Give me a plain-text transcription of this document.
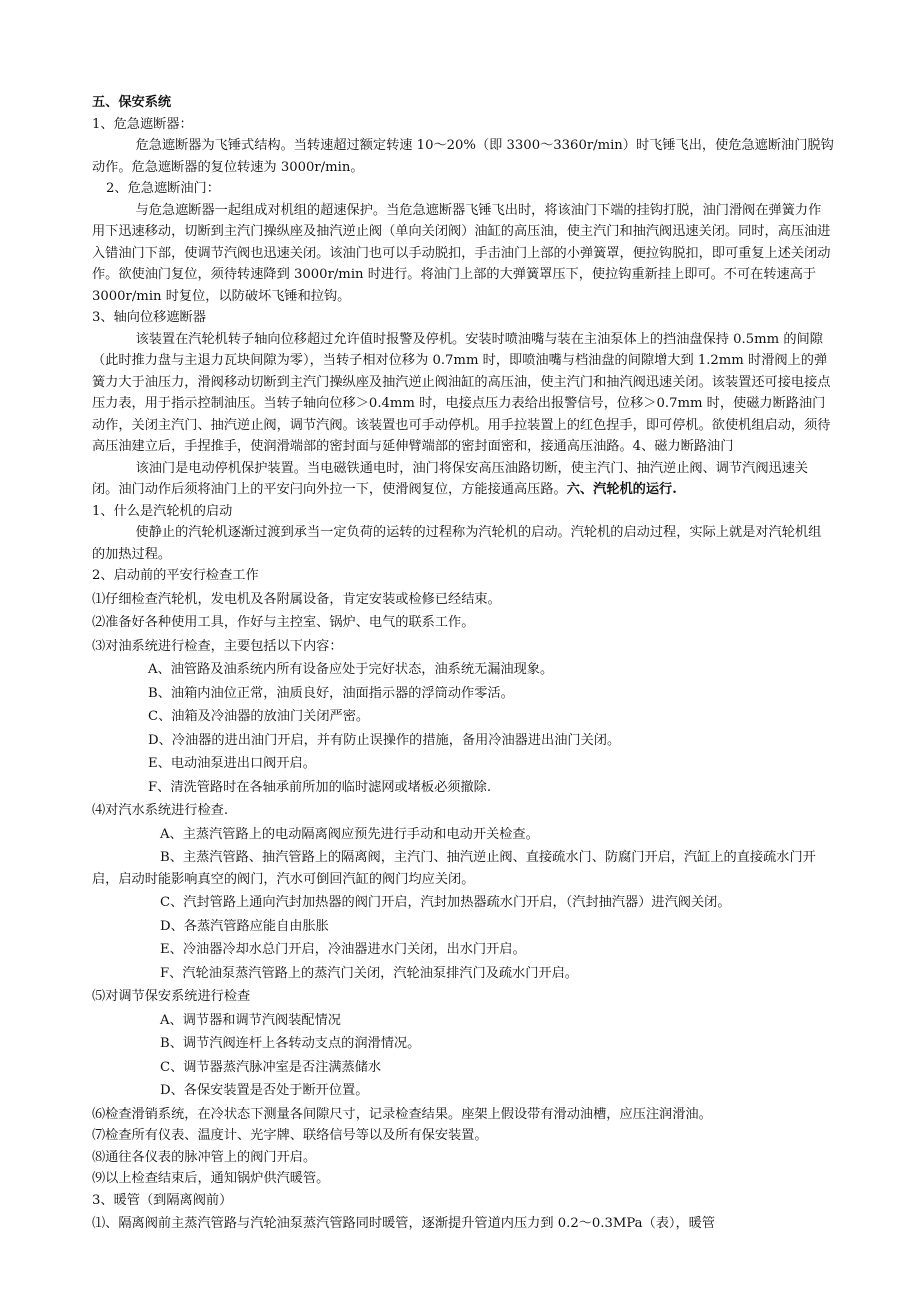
五、保安系统

1、危急遮断器：

危急遮断器为飞锤式结构。当转速超过额定转速 10～20%（即 3300～3360r/min）时飞锤飞出，使危急遮断油门脱钩动作。危急遮断器的复位转速为 3000r/min。

2、危急遮断油门：

与危急遮断器一起组成对机组的超速保护。当危急遮断器飞锤飞出时，将该油门下端的挂钩打脱，油门滑阀在弹簧力作用下迅速移动，切断到主汽门操纵座及抽汽逆止阀（单向关闭阀）油缸的高压油，使主汽门和抽汽阀迅速关闭。同时，高压油进入错油门下部，使调节汽阀也迅速关闭。该油门也可以手动脱扣，手击油门上部的小弹簧罩，便拉钩脱扣，即可重复上述关闭动作。欲使油门复位，须待转速降到 3000r/min 时进行。将油门上部的大弹簧罩压下，使拉钩重新挂上即可。不可在转速高于 3000r/min 时复位，以防破坏飞锤和拉钩。

3、轴向位移遮断器

该装置在汽轮机转子轴向位移超过允许值时报警及停机。安装时喷油嘴与装在主油泵体上的挡油盘保持 0.5mm 的间隙（此时推力盘与主退力瓦块间隙为零），当转子相对位移为 0.7mm 时，即喷油嘴与档油盘的间隙增大到 1.2mm 时滑阀上的弹簧力大于油压力，滑阀移动切断到主汽门操纵座及抽汽逆止阀油缸的高压油，使主汽门和抽汽阀迅速关闭。该装置还可接电接点压力表，用于指示控制油压。当转子轴向位移＞0.4mm 时，电接点压力表给出报警信号，位移＞0.7mm 时，使磁力断路油门动作，关闭主汽门、抽汽逆止阀，调节汽阀。该装置也可手动停机。用手拉装置上的红色捏手，即可停机。欲使机组启动，须待高压油建立后，手捏推手，使润滑端部的密封面与延伸臂端部的密封面密和，接通高压油路。4、磁力断路油门

该油门是电动停机保护装置。当电磁铁通电时，油门将保安高压油路切断，使主汽门、抽汽逆止阀、调节汽阀迅速关闭。油门动作后须将油门上的平安闩向外拉一下，使滑阀复位，方能接通高压路。六、汽轮机的运行.

1、什么是汽轮机的启动

使静止的汽轮机逐渐过渡到承当一定负荷的运转的过程称为汽轮机的启动。汽轮机的启动过程，实际上就是对汽轮机组的加热过程。

2、启动前的平安行检查工作

⑴仔细检查汽轮机，发电机及各附属设备，肯定安装或检修已经结束。

⑵准备好各种使用工具，作好与主控室、锅炉、电气的联系工作。

⑶对油系统进行检查，主要包括以下内容：

A、油管路及油系统内所有设备应处于完好状态，油系统无漏油现象。

B、油箱内油位正常，油质良好，油面指示器的浮筒动作零活。

C、油箱及冷油器的放油门关闭严密。

D、冷油器的进出油门开启，并有防止误操作的措施，备用冷油器进出油门关闭。

E、电动油泵进出口阀开启。

F、清洗管路时在各轴承前所加的临时滤网或堵板必须撤除.

⑷对汽水系统进行检查.

A、主蒸汽管路上的电动隔离阀应预先进行手动和电动开关检查。

B、主蒸汽管路、抽汽管路上的隔离阀，主汽门、抽汽逆止阀、直接疏水门、防腐门开启，汽缸上的直接疏水门开启，启动时能影响真空的阀门，汽水可倒回汽缸的阀门均应关闭。

C、汽封管路上通向汽封加热器的阀门开启，汽封加热器疏水门开启，（汽封抽汽器）进汽阀关闭。

D、各蒸汽管路应能自由胀胀

E、冷油器冷却水总门开启，冷油器进水门关闭，出水门开启。

F、汽轮油泵蒸汽管路上的蒸汽门关闭，汽轮油泵排汽门及疏水门开启。

⑸对调节保安系统进行检查

A、调节器和调节汽阀装配情况

B、调节汽阀连杆上各转动支点的润滑情况。

C、调节器蒸汽脉冲室是否注满蒸储水

D、各保安装置是否处于断开位置。

⑹检查滑销系统，在冷状态下测量各间隙尺寸，记录检查结果。座架上假设带有滑动油槽，应压注润滑油。

⑺检查所有仪表、温度计、光字牌、联络信号等以及所有保安装置。

⑻通往各仪表的脉冲管上的阀门开启。

⑼以上检查结束后，通知锅炉供汽暖管。

3、暖管（到隔离阀前）

⑴、隔离阀前主蒸汽管路与汽轮油泵蒸汽管路同时暖管，逐渐提升管道内压力到 0.2～0.3MPa（表），暖管
